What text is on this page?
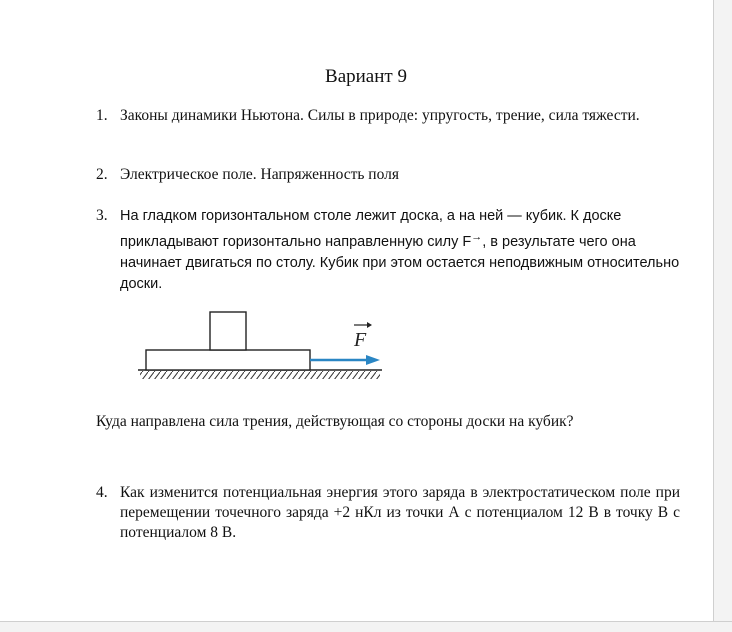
Вариант 9
1. Законы динамики Ньютона. Силы в природе: упругость, трение, сила тяжести.
2. Электрическое поле. Напряженность поля
3. На гладком горизонтальном столе лежит доска, а на ней — кубик. К доске прикладывают горизонтально направленную силу F→, в результате чего она начинает двигаться по столу. Кубик при этом остается неподвижным относительно доски.
F
Куда направлена сила трения, действующая со стороны доски на кубик?
4. Как изменится потенциальная энергия этого заряда в электростатическом поле при перемещении точечного заряда +2 нКл из точки А с потенциалом 12 В в точку В с потенциалом 8 В.
